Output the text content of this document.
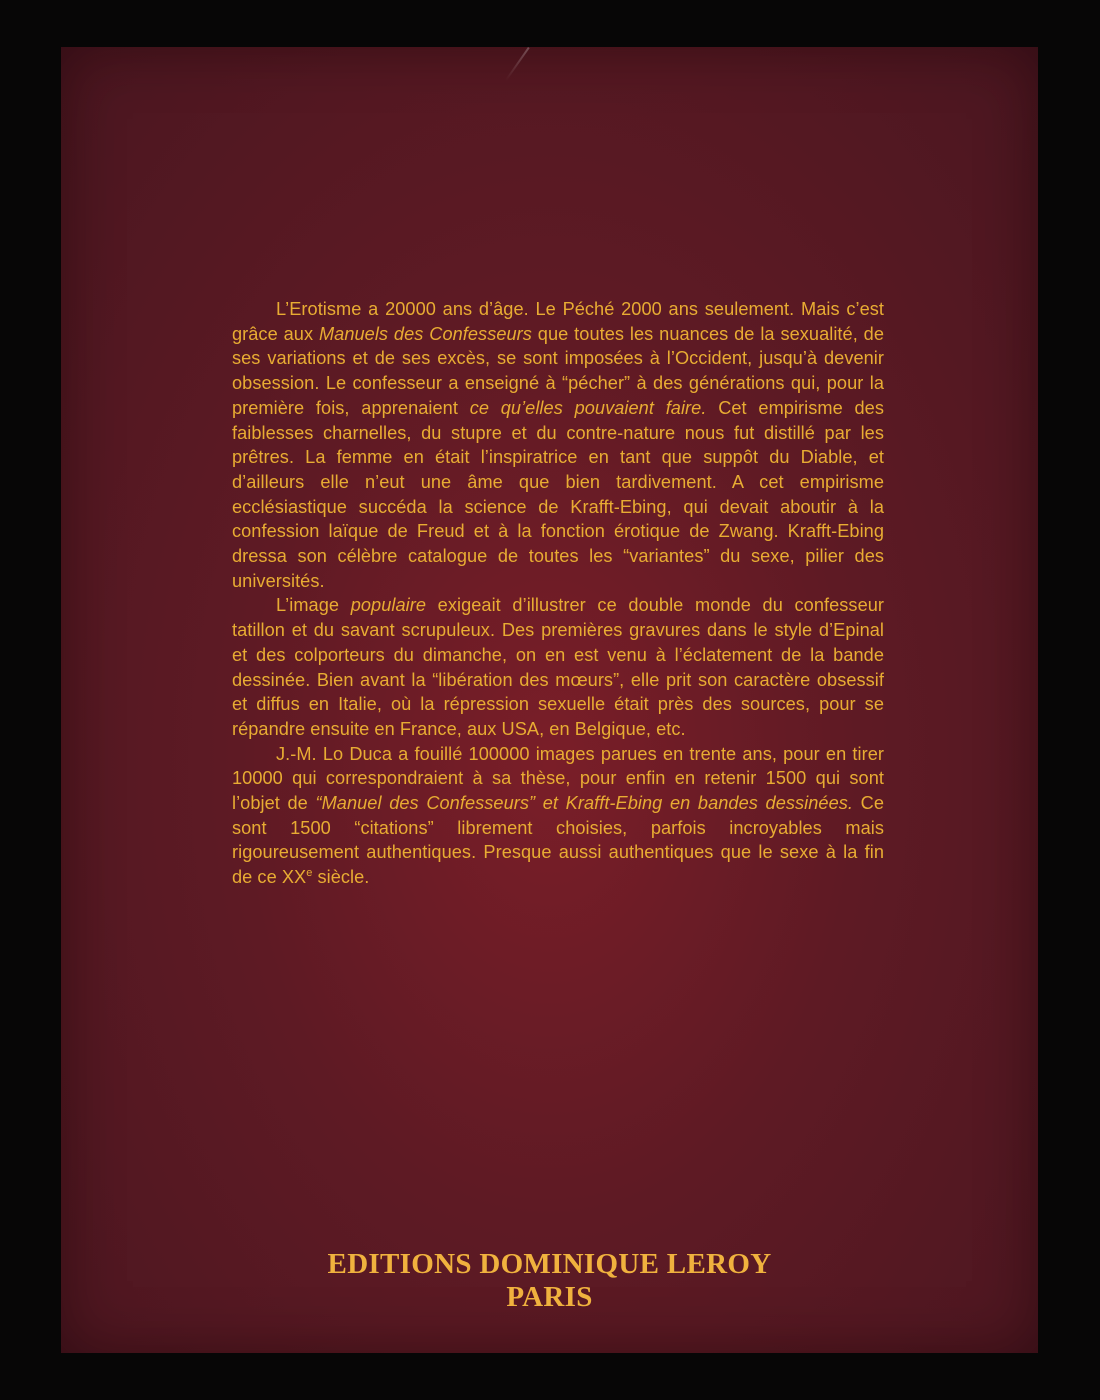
L’Erotisme a 20000 ans d’âge. Le Péché 2000 ans seulement. Mais c’est grâce aux Manuels des Confesseurs que toutes les nuances de la sexualité, de ses variations et de ses excès, se sont imposées à l’Occident, jusqu’à devenir obsession. Le confesseur a enseigné à “pécher” à des générations qui, pour la première fois, apprenaient ce qu’elles pouvaient faire. Cet empirisme des faiblesses charnelles, du stupre et du contre-nature nous fut distillé par les prêtres. La femme en était l’inspiratrice en tant que suppôt du Diable, et d’ailleurs elle n’eut une âme que bien tardivement. A cet empirisme ecclésiastique succéda la science de Krafft-Ebing, qui devait aboutir à la confession laïque de Freud et à la fonction érotique de Zwang. Krafft-Ebing dressa son célèbre catalogue de toutes les “variantes” du sexe, pilier des universités.

L’image populaire exigeait d’illustrer ce double monde du confesseur tatillon et du savant scrupuleux. Des premières gravures dans le style d’Epinal et des colporteurs du dimanche, on en est venu à l’éclatement de la bande dessinée. Bien avant la “libération des mœurs”, elle prit son caractère obsessif et diffus en Italie, où la répression sexuelle était près des sources, pour se répandre ensuite en France, aux USA, en Belgique, etc.

J.-M. Lo Duca a fouillé 100000 images parues en trente ans, pour en tirer 10000 qui correspondraient à sa thèse, pour enfin en retenir 1500 qui sont l’objet de “Manuel des Confesseurs” et Krafft-Ebing en bandes dessinées. Ce sont 1500 “citations” librement choisies, parfois incroyables mais rigoureusement authentiques. Presque aussi authentiques que le sexe à la fin de ce XXe siècle.

EDITIONS DOMINIQUE LEROY
PARIS
